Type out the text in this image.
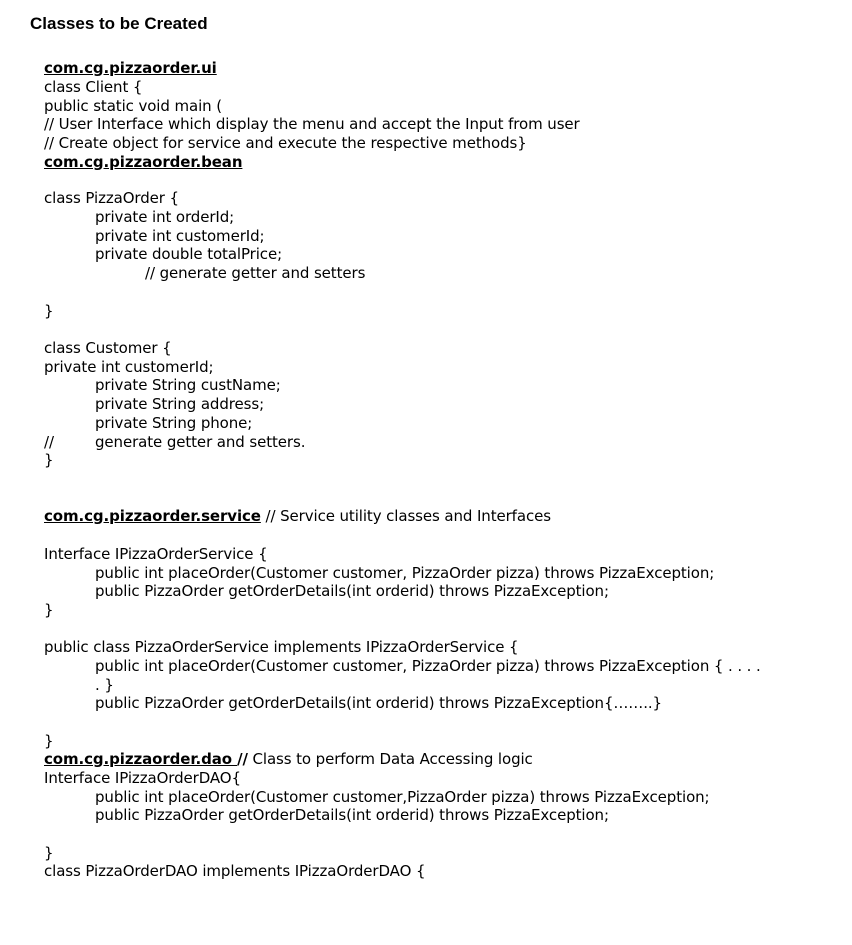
Classes to be Created
com.cg.pizzaorder.ui
class Client {
public static void main (
// User Interface which display the menu and accept the Input from user
// Create object for service and execute the respective methods}
com.cg.pizzaorder.bean
class PizzaOrder {
private int orderId;
private int customerId;
private double totalPrice;
// generate getter and setters
}
class Customer {
private int customerId;
private String custName;
private String address;
private String phone;
//	generate getter and setters.
}
com.cg.pizzaorder.service // Service utility classes and Interfaces
Interface IPizzaOrderService {
public int placeOrder(Customer customer, PizzaOrder pizza) throws PizzaException;
public PizzaOrder getOrderDetails(int orderid) throws PizzaException;
}
public class PizzaOrderService implements IPizzaOrderService {
public int placeOrder(Customer customer, PizzaOrder pizza) throws PizzaException { . . . .
. }
public PizzaOrder getOrderDetails(int orderid) throws PizzaException{……..}
}
com.cg.pizzaorder.dao // Class to perform Data Accessing logic
Interface IPizzaOrderDAO{
public int placeOrder(Customer customer,PizzaOrder pizza) throws PizzaException;
public PizzaOrder getOrderDetails(int orderid) throws PizzaException;
}
class PizzaOrderDAO implements IPizzaOrderDAO {
